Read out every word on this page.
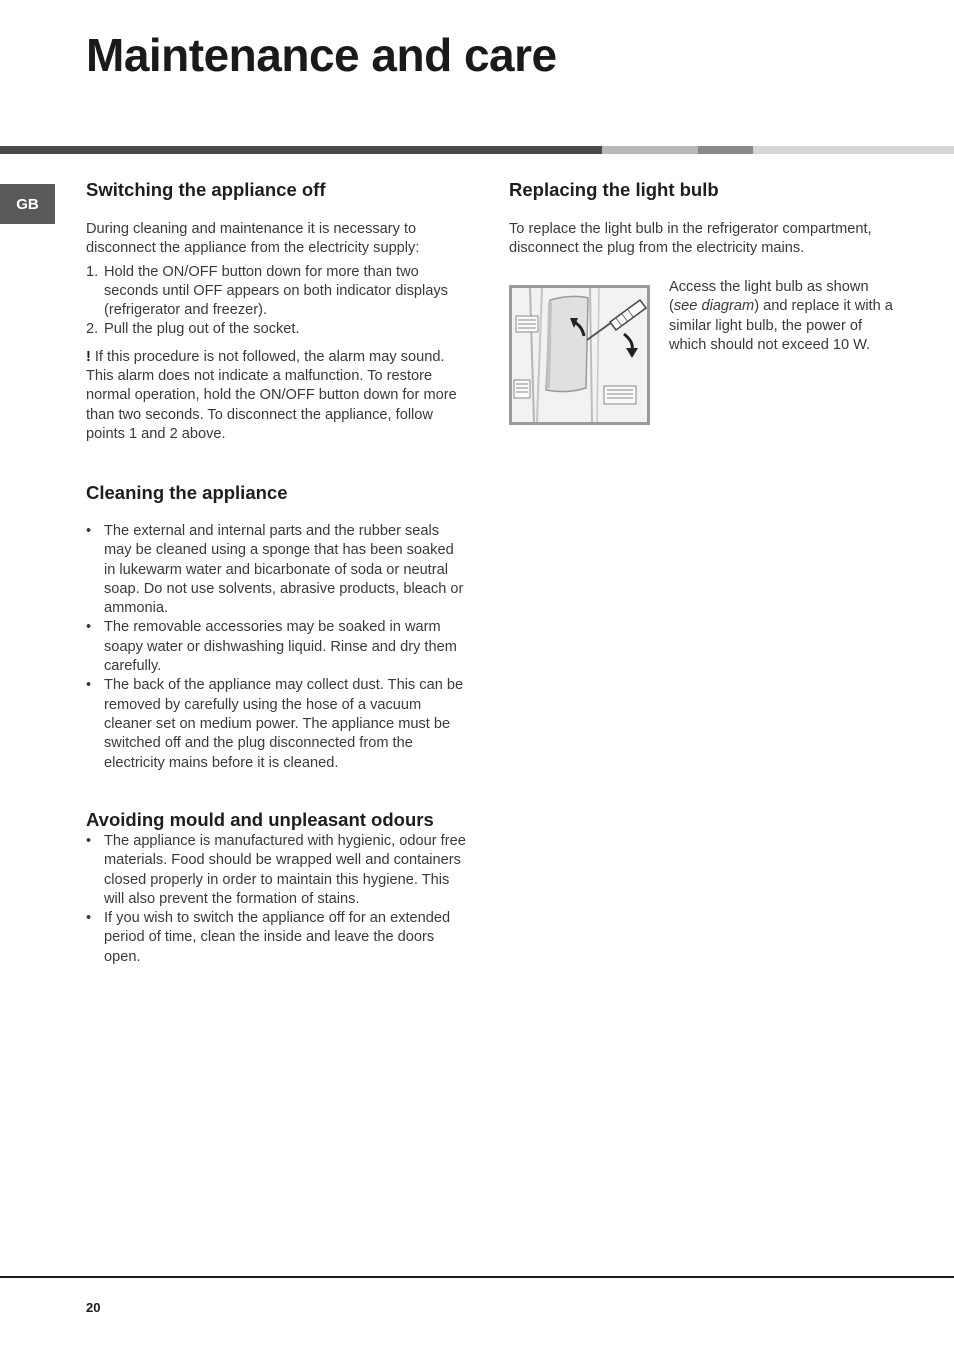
Maintenance and care
GB
Switching the appliance off

During cleaning and maintenance it is necessary to disconnect the appliance from the electricity supply:

1. Hold the ON/OFF button down for more than two seconds until OFF appears on both indicator displays (refrigerator and freezer).
2. Pull the plug out of the socket.

! If this procedure is not followed, the alarm may sound. This alarm does not indicate a malfunction. To restore normal operation, hold the ON/OFF button down for more than two seconds. To disconnect the appliance, follow points 1 and 2 above.

Cleaning the appliance
• The external and internal parts and the rubber seals may be cleaned using a sponge that has been soaked in lukewarm water and bicarbonate of soda or neutral soap. Do not use solvents, abrasive products, bleach or ammonia.
• The removable accessories may be soaked in warm soapy water or dishwashing liquid. Rinse and dry them carefully.
• The back of the appliance may collect dust. This can be removed by carefully using the hose of a vacuum cleaner set on medium power. The appliance must be switched off and the plug disconnected from the electricity mains before it is cleaned.
Avoiding mould and unpleasant odours
• The appliance is manufactured with hygienic, odour free materials. Food should be wrapped well and containers closed properly in order to maintain this hygiene. This will also prevent the formation of stains.
• If you wish to switch the appliance off for an extended period of time, clean the inside and leave the doors open.
Replacing the light bulb

To replace the light bulb in the refrigerator compartment, disconnect the plug from the electricity mains.

Access the light bulb as shown (see diagram) and replace it with a similar light bulb, the power of which should not exceed 10 W.

20
